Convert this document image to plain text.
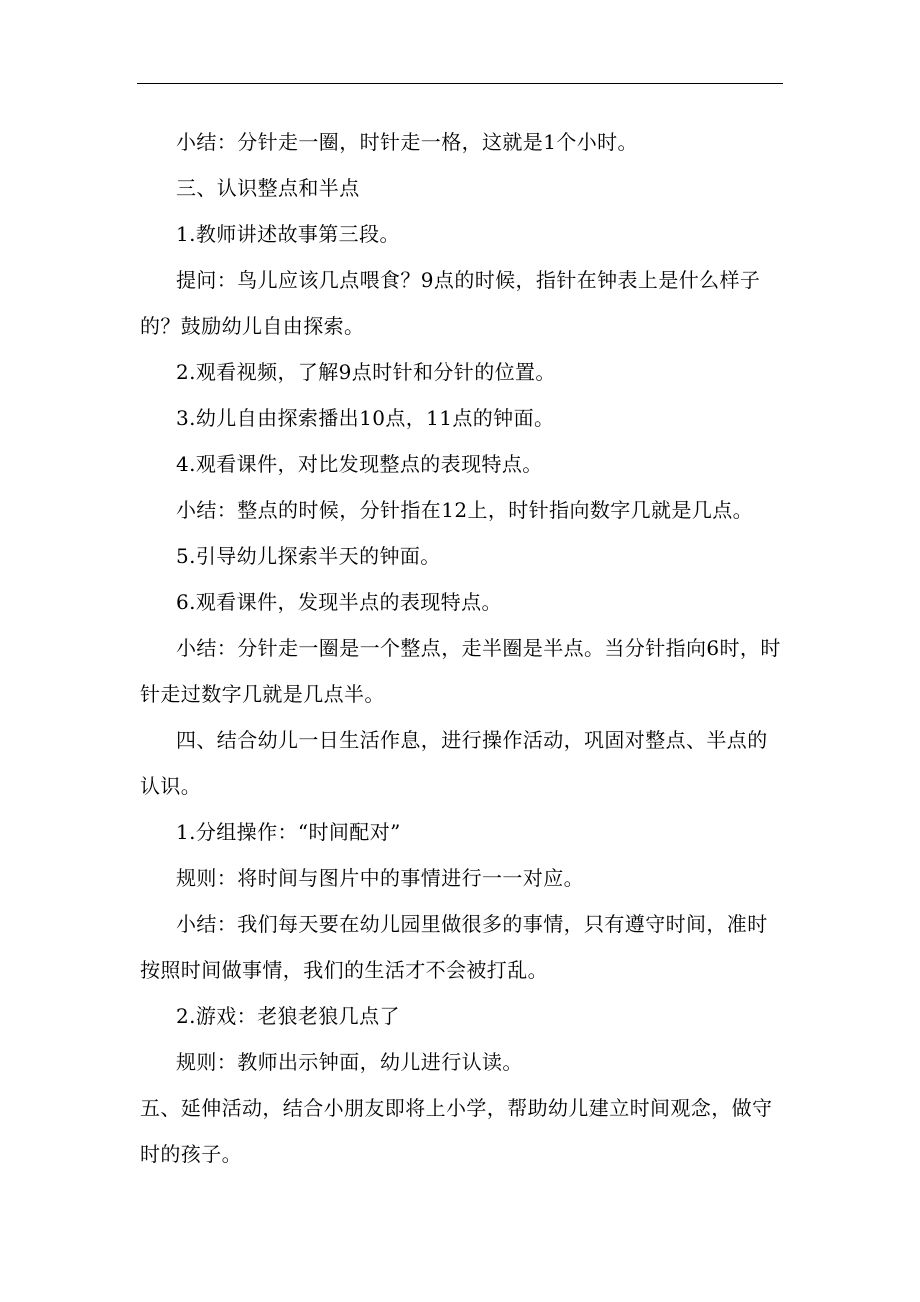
小结：分针走一圈，时针走一格，这就是1个小时。

三、认识整点和半点

1.教师讲述故事第三段。

提问：鸟儿应该几点喂食？9点的时候，指针在钟表上是什么样子的？鼓励幼儿自由探索。

2.观看视频，了解9点时针和分针的位置。

3.幼儿自由探索播出10点，11点的钟面。

4.观看课件，对比发现整点的表现特点。

小结：整点的时候，分针指在12上，时针指向数字几就是几点。

5.引导幼儿探索半天的钟面。

6.观看课件，发现半点的表现特点。

小结：分针走一圈是一个整点，走半圈是半点。当分针指向6时，时针走过数字几就是几点半。

四、结合幼儿一日生活作息，进行操作活动，巩固对整点、半点的认识。

1.分组操作：“时间配对”

规则：将时间与图片中的事情进行一一对应。

小结：我们每天要在幼儿园里做很多的事情，只有遵守时间，准时按照时间做事情，我们的生活才不会被打乱。

2.游戏：老狼老狼几点了

规则：教师出示钟面，幼儿进行认读。

五、延伸活动，结合小朋友即将上小学，帮助幼儿建立时间观念，做守时的孩子。
